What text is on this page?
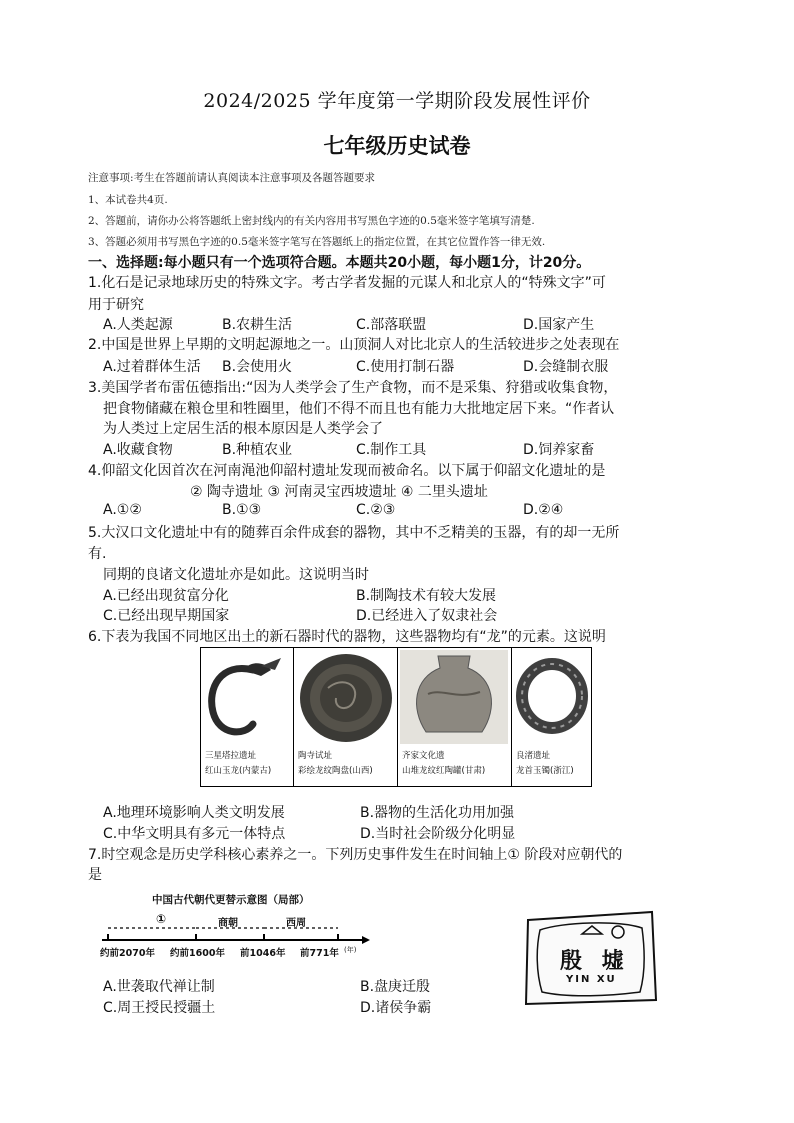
2024/2025 学年度第一学期阶段发展性评价
七年级历史试卷
注意事项:考生在答题前请认真阅读本注意事项及各题答题要求
1、本试卷共4页.
2、答题前，请你办公将答题纸上密封线内的有关内容用书写黑色字迹的0.5毫米签字笔填写清楚.
3、答题必须用书写黑色字迹的0.5毫米签字笔写在答题纸上的指定位置，在其它位置作答一律无效.
一、选择题:每小题只有一个选项符合题。本题共20小题，每小题1分，计20分。
1.化石是记录地球历史的特殊文字。考古学者发掘的元谋人和北京人的“特殊文字”可
用于研究
A.人类起源	B.农耕生活	C.部落联盟	D.国家产生
2.中国是世界上早期的文明起源地之一。山顶洞人对比北京人的生活较进步之处表现在
A.过着群体生活 B.会使用火	C.使用打制石器	D.会缝制衣服
3.美国学者布雷伍德指出:“因为人类学会了生产食物，而不是采集、狩猎或收集食物，
把食物储藏在粮仓里和牲圈里，他们不得不而且也有能力大批地定居下来。“作者认
为人类过上定居生活的根本原因是人类学会了
A.收藏食物	B.种植农业	C.制作工具	D.饲养家畜
4.仰韶文化因首次在河南渑池仰韶村遗址发现而被命名。以下属于仰韶文化遗址的是
② 陶寺遗址 ③ 河南灵宝西坡遗址 ④ 二里头遗址
A.①②	B.①③	C.②③	D.②④
5.大汉口文化遗址中有的随葬百余件成套的器物，其中不乏精美的玉器，有的却一无所
有.
同期的良诸文化遗址亦是如此。这说明当时
A.已经出现贫富分化	B.制陶技术有较大发展
C.已经出现早期国家	D.已经进入了奴隶社会
6.下表为我国不同地区出土的新石器时代的器物，这些器物均有“龙”的元素。这说明
三星塔拉遗址
红山玉龙(内蒙古)
陶寺试址
彩绘龙纹陶盘(山西)
齐家文化遗
山堆龙纹红陶罐(甘肃)
良渚遗址
龙首玉镯(浙江)
A.地理环境影响人类文明发展	B.器物的生活化功用加强
C.中华文明具有多元一体特点	D.当时社会阶级分化明显
7.时空观念是历史学科核心素养之一。下列历史事件发生在时间轴上① 阶段对应朝代的
是
中国古代朝代更替示意图（局部）
①	商朝	西周
约前2070年 约前1600年 前1046年 前771年 (年)	殷 墟
YIN XU
A.世袭取代禅让制	B.盘庚迁殷
C.周王授民授疆土	D.诸侯争霸
